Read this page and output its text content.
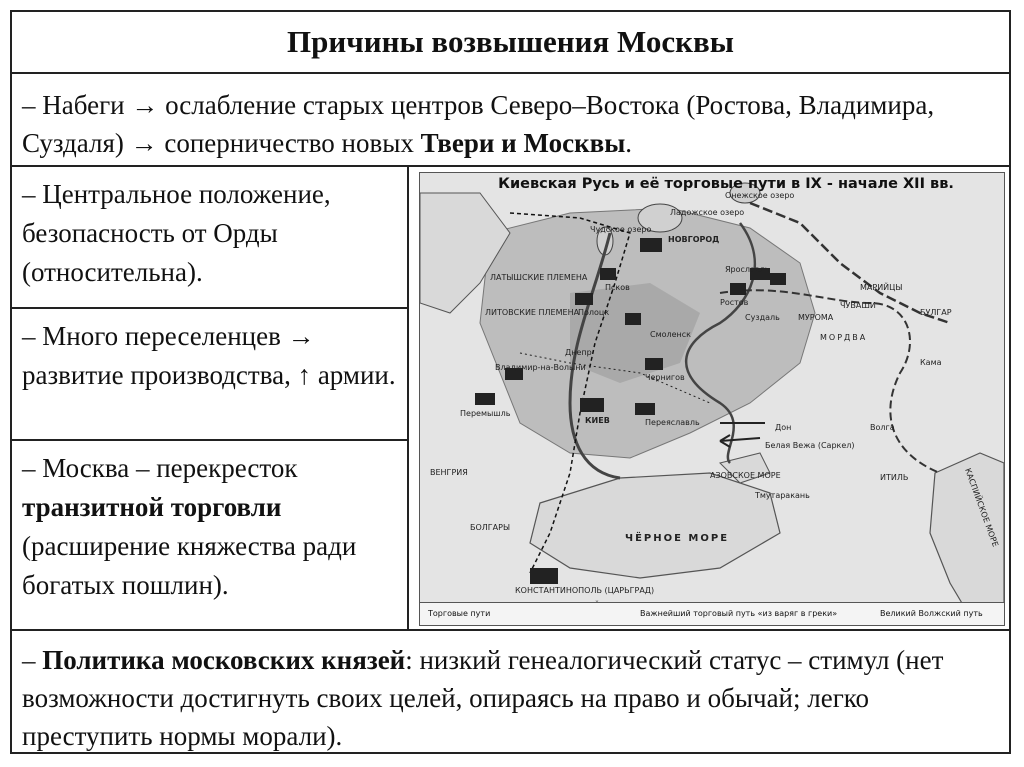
Причины возвышения Москвы
– Набеги → ослабление старых центров Северо–Востока (Ростова, Владимира, Суздаля) → соперничество новых Твери и Москвы.
– Центральное положение, безопасность от Орды (относительна).
– Много переселенцев → развитие производства, ↑ армии.
– Москва – перекресток транзитной торговли (расширение княжества ради богатых пошлин).
Киевская Русь и её торговые пути в IX - начале XII вв.
НОВГОРОД
Псков
Полоцк
Смоленск
Ростов
Ярославль
Суздаль МУРОМА
Чернигов
КИЕВ	Переяславль
Владимир-на-Волыни
Перемышль
Белая Вежа (Саркел)
ИТИЛЬ
БУЛГАР
Тмутаракань
КОНСТАНТИНОПОЛЬ (ЦАРЬГРАД)
ЧЁРНОЕ МОРЕ	КАСПИЙСКОЕ МОРЕ
АЗОВСКОЕ МОРЕ
МОРДВА
МАРИЙЦЫ
ЧУВАШИ
ВЕНГРИЯ
БОЛГАРЫ
ЛАТЫШСКИЕ ПЛЕМЕНА
ЛИТОВСКИЕ ПЛЕМЕНА
Чудское озеро
Ладожское озеро
Онежское озеро
Кама
Дон
Днепр
Волга
Торговые пути	Важнейший торговый путь «из варяг в греки»	Великий Волжский путь
– Политика московских князей: низкий генеалогический статус – стимул (нет возможности достигнуть своих целей, опираясь на право и обычай; легко преступить нормы морали).
